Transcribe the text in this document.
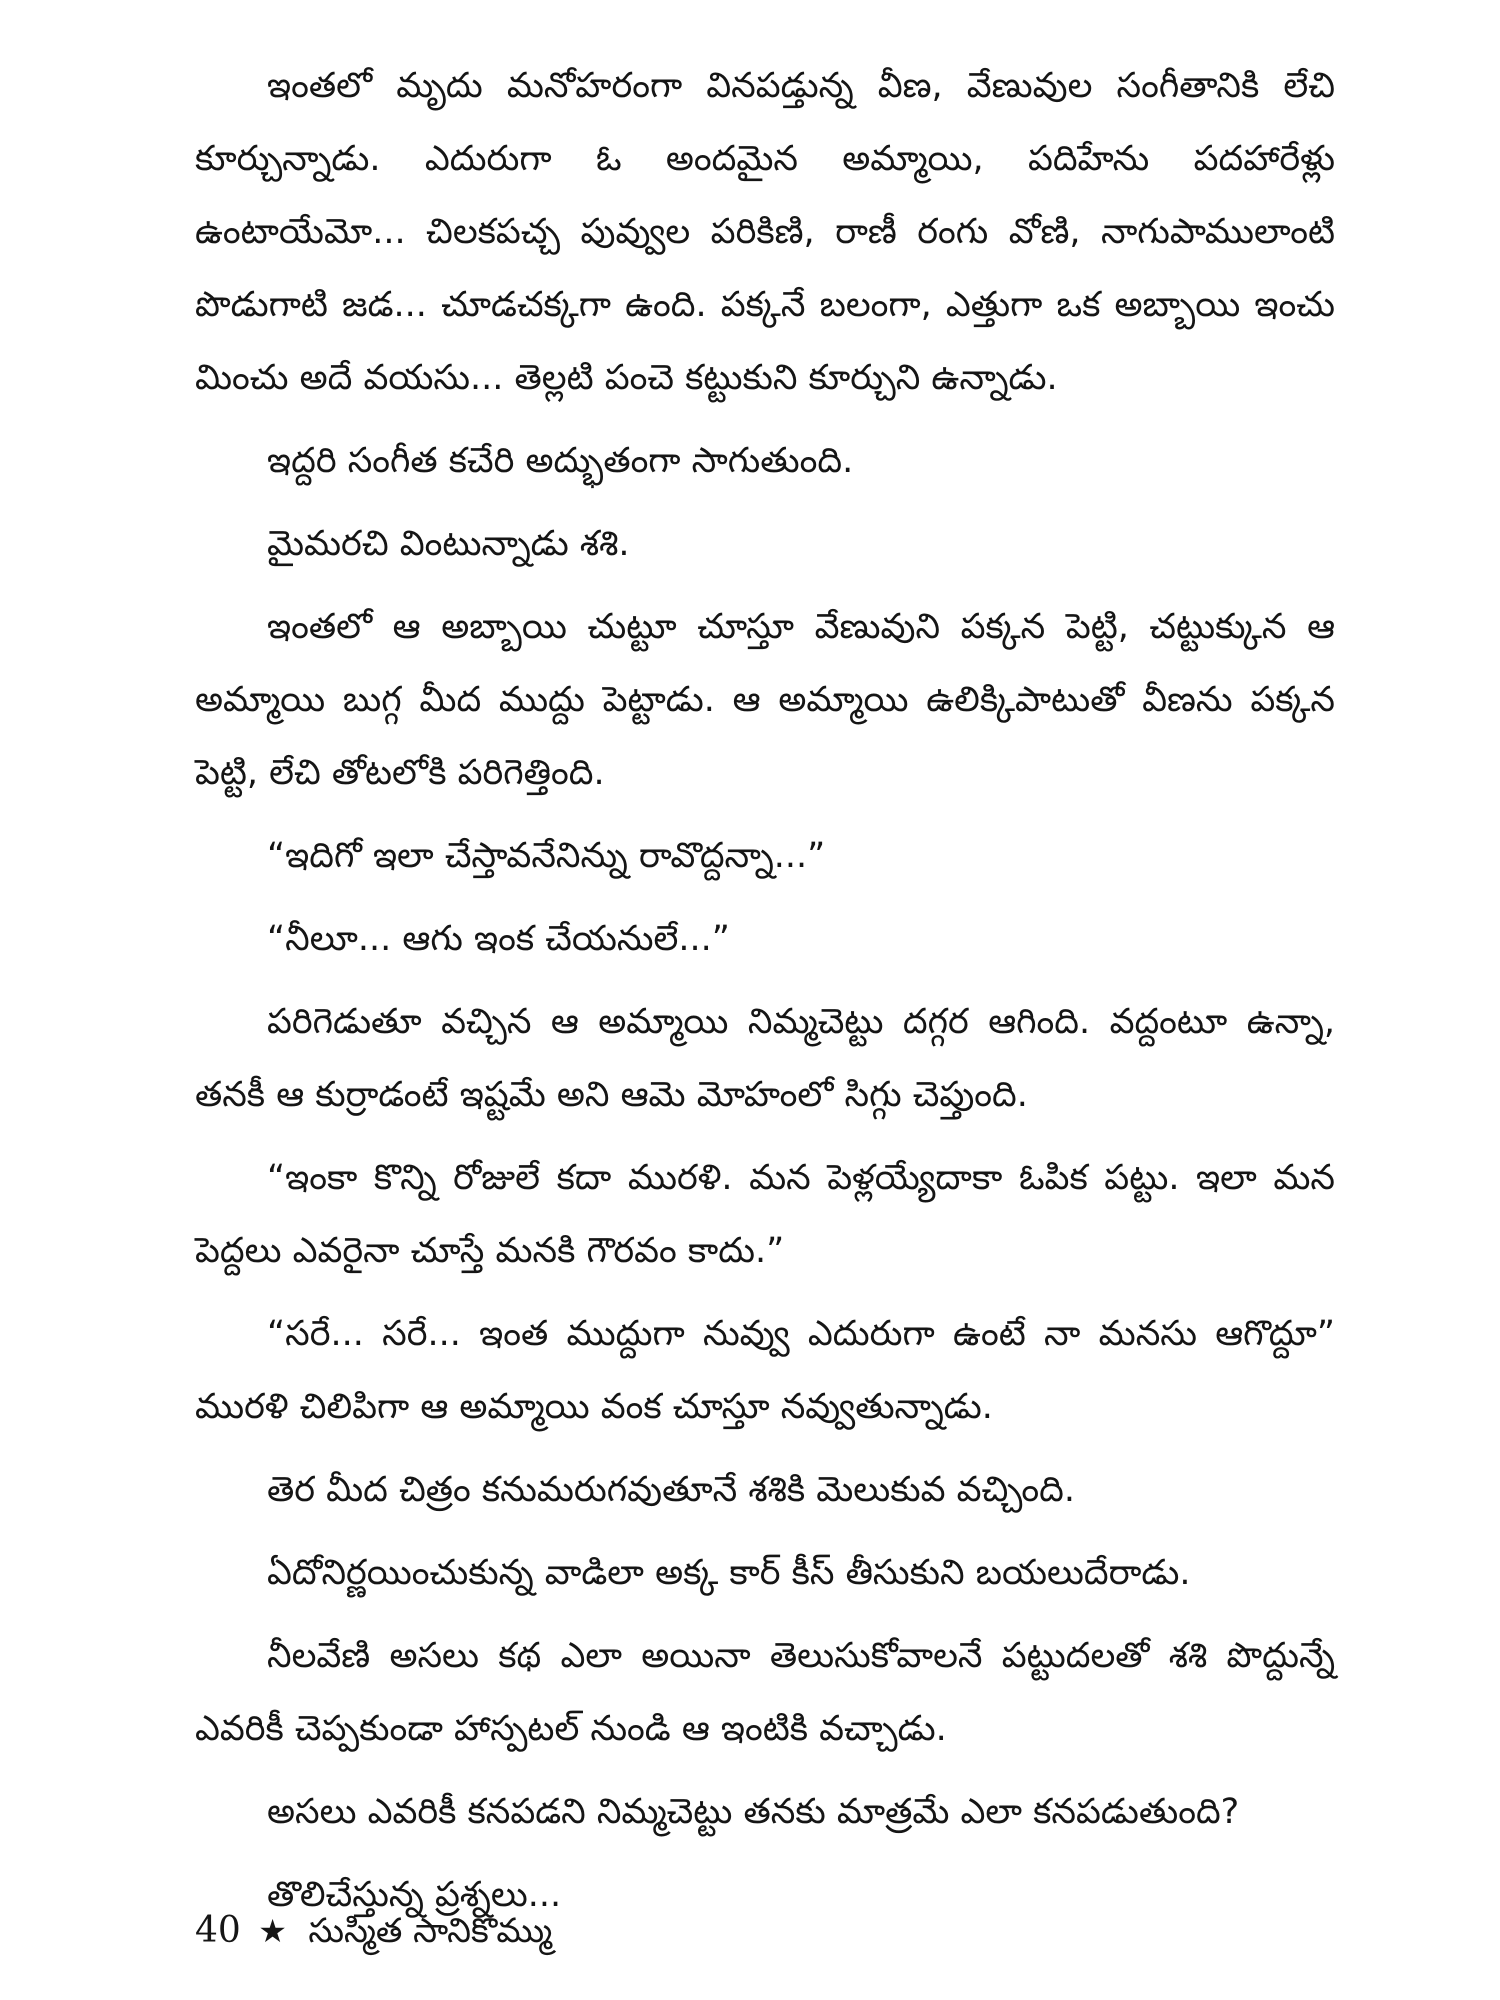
ఇంతలో మృదు మనోహరంగా వినపడ్తున్న వీణ, వేణువుల సంగీతానికి లేచి కూర్చున్నాడు. ఎదురుగా ఓ అందమైన అమ్మాయి, పదిహేను పదహారేళ్లు ఉంటాయేమో... చిలకపచ్చ పువ్వుల పరికిణి, రాణీ రంగు వోణి, నాగుపాములాంటి పొడుగాటి జడ... చూడచక్కగా ఉంది. పక్కనే బలంగా, ఎత్తుగా ఒక అబ్బాయి ఇంచు మించు అదే వయసు... తెల్లటి పంచె కట్టుకుని కూర్చుని ఉన్నాడు.

ఇద్దరి సంగీత కచేరి అద్భుతంగా సాగుతుంది.

మైమరచి వింటున్నాడు శశి.

ఇంతలో ఆ అబ్బాయి చుట్టూ చూస్తూ వేణువుని పక్కన పెట్టి, చట్టుక్కున ఆ అమ్మాయి బుగ్గ మీద ముద్దు పెట్టాడు. ఆ అమ్మాయి ఉలిక్కిపాటుతో వీణను పక్కన పెట్టి, లేచి తోటలోకి పరిగెత్తింది.

“ఇదిగో ఇలా చేస్తావనేనిన్ను రావొద్దన్నా...”

“నీలూ... ఆగు ఇంక చేయనులే...”

పరిగెడుతూ వచ్చిన ఆ అమ్మాయి నిమ్మచెట్టు దగ్గర ఆగింది. వద్దంటూ ఉన్నా, తనకీ ఆ కుర్రాడంటే ఇష్టమే అని ఆమె మోహంలో సిగ్గు చెప్తుంది.

“ఇంకా కొన్ని రోజులే కదా మురళి. మన పెళ్లయ్యేదాకా ఓపిక పట్టు. ఇలా మన పెద్దలు ఎవరైనా చూస్తే మనకి గౌరవం కాదు.”

“సరే... సరే... ఇంత ముద్దుగా నువ్వు ఎదురుగా ఉంటే నా మనసు ఆగొద్దూ” మురళి చిలిపిగా ఆ అమ్మాయి వంక చూస్తూ నవ్వుతున్నాడు.

తెర మీద చిత్రం కనుమరుగవుతూనే శశికి మెలుకువ వచ్చింది.

ఏదోనిర్ణయించుకున్న వాడిలా అక్క కార్ కీస్ తీసుకుని బయలుదేరాడు.

నీలవేణి అసలు కథ ఎలా అయినా తెలుసుకోవాలనే పట్టుదలతో శశి పొద్దున్నే ఎవరికీ చెప్పకుండా హాస్పటల్ నుండి ఆ ఇంటికి వచ్చాడు.

అసలు ఎవరికీ కనపడని నిమ్మచెట్టు తనకు మాత్రమే ఎలా కనపడుతుంది?

తొలిచేస్తున్న ప్రశ్నలు...

40 ★ సుస్మిత సానికొమ్ము
